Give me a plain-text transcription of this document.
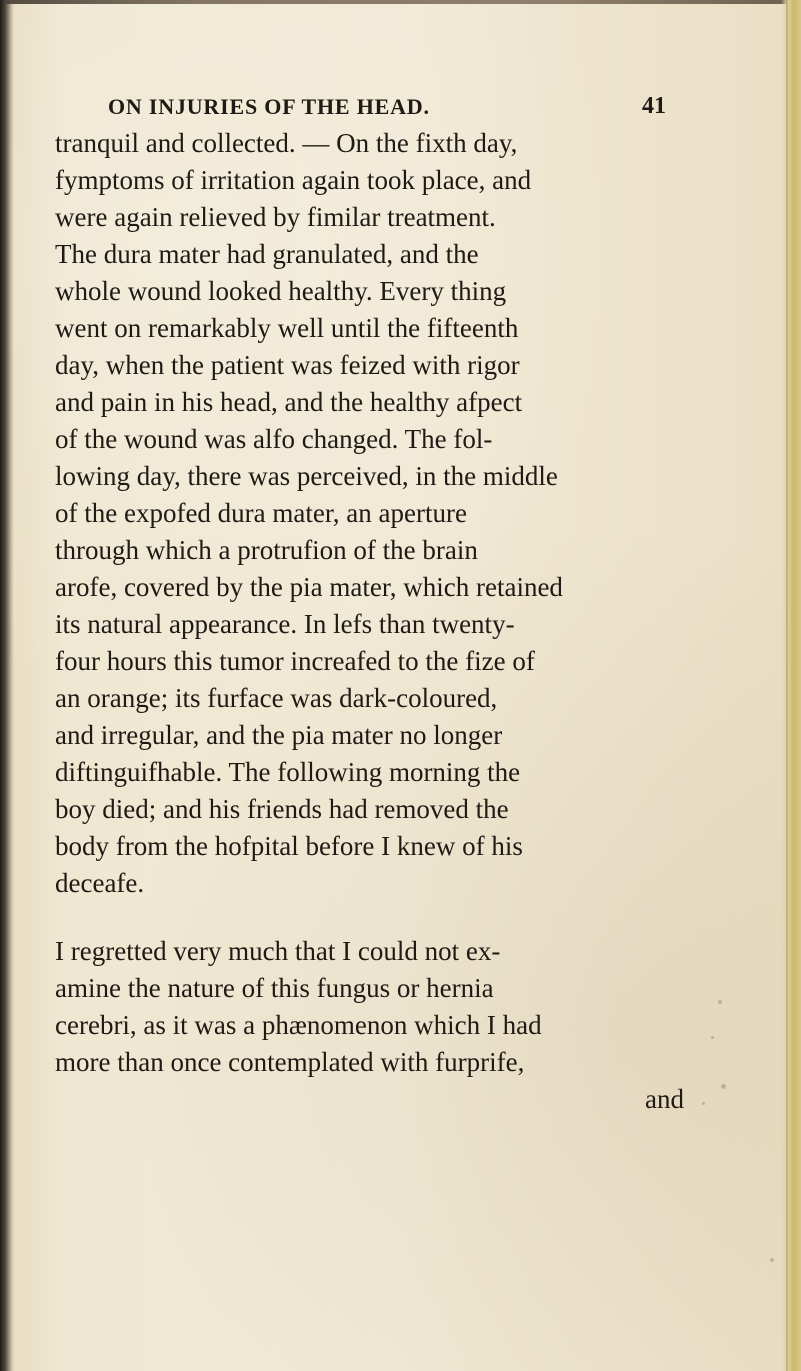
ON INJURIES OF THE HEAD.	41
tranquil and collected. — On the fixth day,
fymptoms of irritation again took place, and
were again relieved by fimilar treatment.
The dura mater had granulated, and the
whole wound looked healthy. Every thing
went on remarkably well until the fifteenth
day, when the patient was feized with rigor
and pain in his head, and the healthy afpect
of the wound was alfo changed. The fol-
lowing day, there was perceived, in the middle
of the expofed dura mater, an aperture
through which a protrufion of the brain
arofe, covered by the pia mater, which retained
its natural appearance. In lefs than twenty-
four hours this tumor increafed to the fize of
an orange; its furface was dark-coloured,
and irregular, and the pia mater no longer
diftinguifhable. The following morning the
boy died; and his friends had removed the
body from the hofpital before I knew of his
deceafe.
I regretted very much that I could not ex-
amine the nature of this fungus or hernia
cerebri, as it was a phænomenon which I had
more than once contemplated with furprife,
and
